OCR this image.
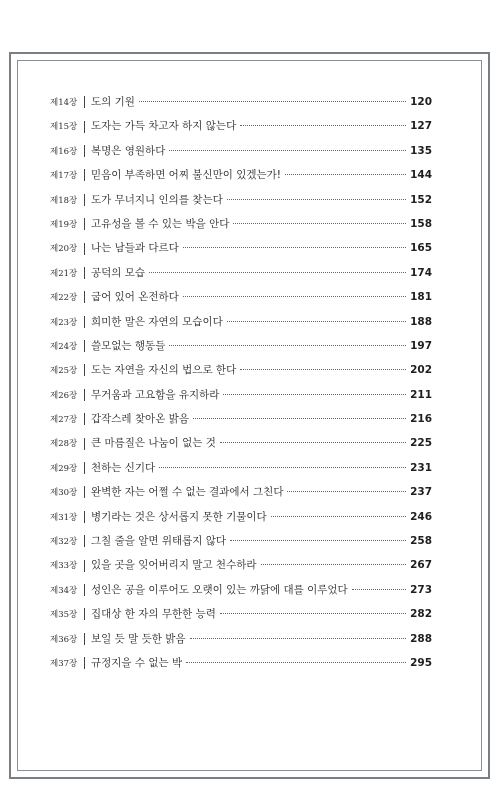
제14장	도의 기원	120
제15장	도자는 가득 차고자 하지 않는다	127
제16장	복명은 영원하다	135
제17장	믿음이 부족하면 어찌 불신만이 있겠는가!	144
제18장	도가 무너지니 인의를 찾는다	152
제19장	고유성을 볼 수 있는 박을 안다	158
제20장	나는 남들과 다르다	165
제21장	공덕의 모습	174
제22장	굽어 있어 온전하다	181
제23장	희미한 말은 자연의 모습이다	188
제24장	쓸모없는 행동들	197
제25장	도는 자연을 자신의 법으로 한다	202
제26장	무거움과 고요함을 유지하라	211
제27장	갑작스레 찾아온 밝음	216
제28장	큰 마름질은 나눔이 없는 것	225
제29장	천하는 신기다	231
제30장	완벽한 자는 어쩔 수 없는 결과에서 그친다	237
제31장	병기라는 것은 상서롭지 못한 기물이다	246
제32장	그칠 줄을 알면 위태롭지 않다	258
제33장	있을 곳을 잊어버리지 말고 천수하라	267
제34장	성인은 공을 이루어도 오랫이 있는 까닭에 대를 이루었다	273
제35장	집대상 한 자의 무한한 능력	282
제36장	보일 듯 말 듯한 밝음	288
제37장	규정지을 수 없는 박	295
